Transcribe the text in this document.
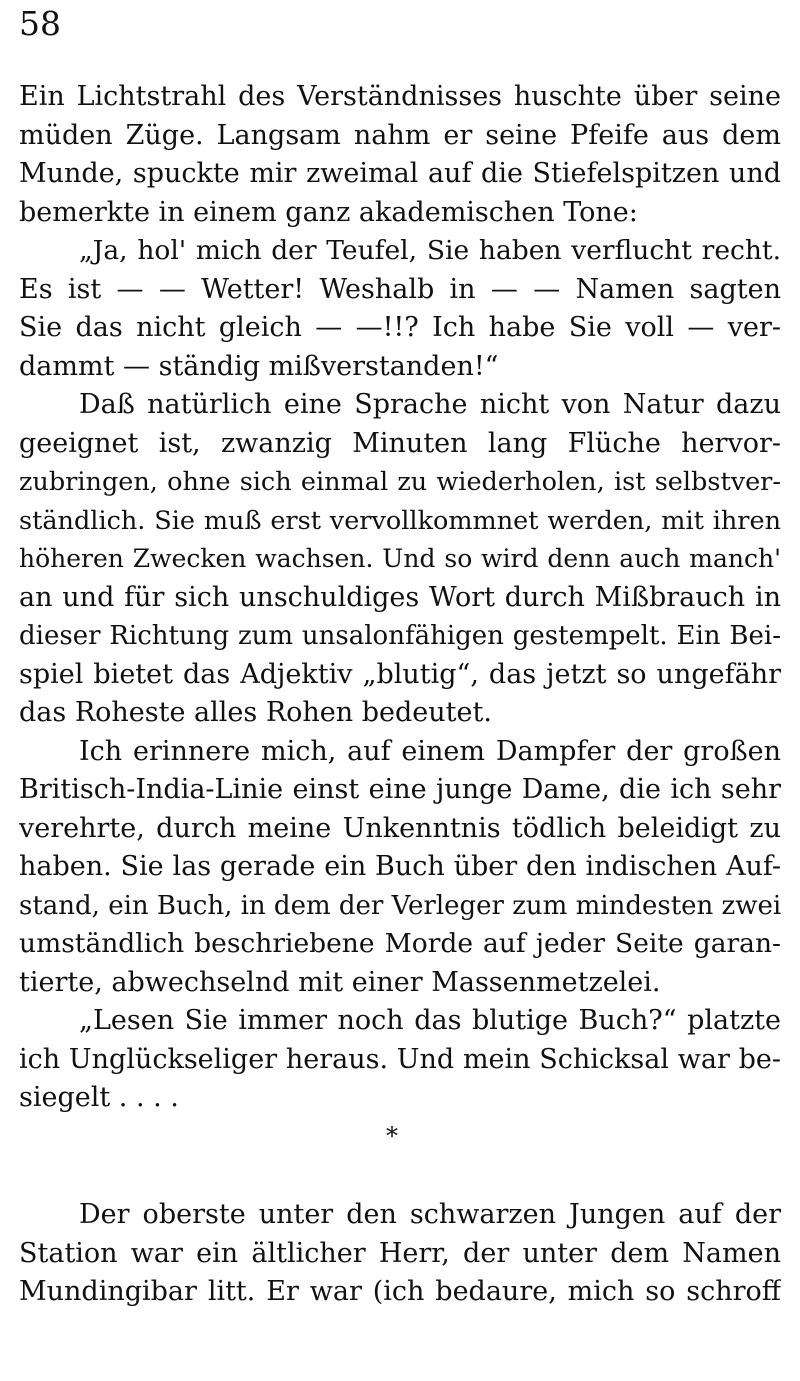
58
Ein Lichtstrahl des Verständnisses huschte über seine
müden Züge. Langsam nahm er seine Pfeife aus dem
Munde, spuckte mir zweimal auf die Stiefelspitzen und
bemerkte in einem ganz akademischen Tone:
„Ja, hol' mich der Teufel, Sie haben verflucht recht.
Es ist — — Wetter! Weshalb in — — Namen sagten
Sie das nicht gleich — —!!? Ich habe Sie voll — ver-
dammt — ständig mißverstanden!“
Daß natürlich eine Sprache nicht von Natur dazu
geeignet ist, zwanzig Minuten lang Flüche hervor-
zubringen, ohne sich einmal zu wiederholen, ist selbstver-
ständlich. Sie muß erst vervollkommnet werden, mit ihren
höheren Zwecken wachsen. Und so wird denn auch manch'
an und für sich unschuldiges Wort durch Mißbrauch in
dieser Richtung zum unsalonfähigen gestempelt. Ein Bei-
spiel bietet das Adjektiv „blutig“, das jetzt so ungefähr
das Roheste alles Rohen bedeutet.
Ich erinnere mich, auf einem Dampfer der großen
Britisch-India-Linie einst eine junge Dame, die ich sehr
verehrte, durch meine Unkenntnis tödlich beleidigt zu
haben. Sie las gerade ein Buch über den indischen Auf-
stand, ein Buch, in dem der Verleger zum mindesten zwei
umständlich beschriebene Morde auf jeder Seite garan-
tierte, abwechselnd mit einer Massenmetzelei.
„Lesen Sie immer noch das blutige Buch?“ platzte
ich Unglückseliger heraus. Und mein Schicksal war be-
siegelt . . . .
*
Der oberste unter den schwarzen Jungen auf der
Station war ein ältlicher Herr, der unter dem Namen
Mundingibar litt. Er war (ich bedaure, mich so schroff
